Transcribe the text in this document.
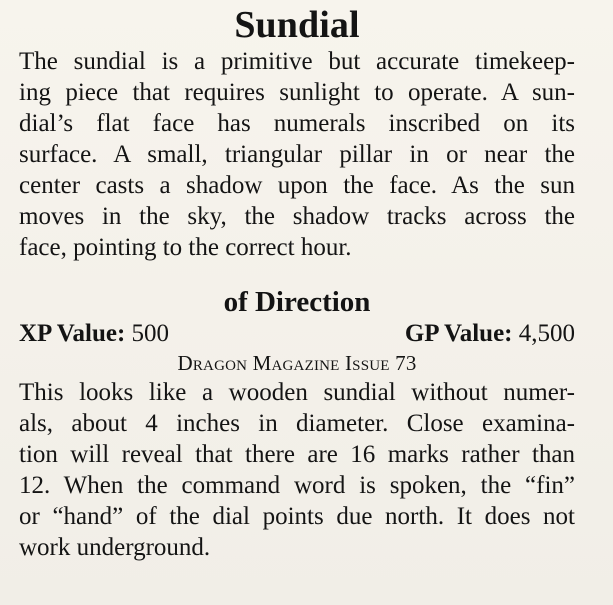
Sundial

The sundial is a primitive but accurate timekeep-
ing piece that requires sunlight to operate. A sun-
dial’s flat face has numerals inscribed on its
surface. A small, triangular pillar in or near the
center casts a shadow upon the face. As the sun
moves in the sky, the shadow tracks across the
face, pointing to the correct hour.

of Direction
XP Value: 500	GP Value: 4,500
Dragon Magazine Issue 73

This looks like a wooden sundial without numer-
als, about 4 inches in diameter. Close examina-
tion will reveal that there are 16 marks rather than
12. When the command word is spoken, the “fin”
or “hand” of the dial points due north. It does not
work underground.
